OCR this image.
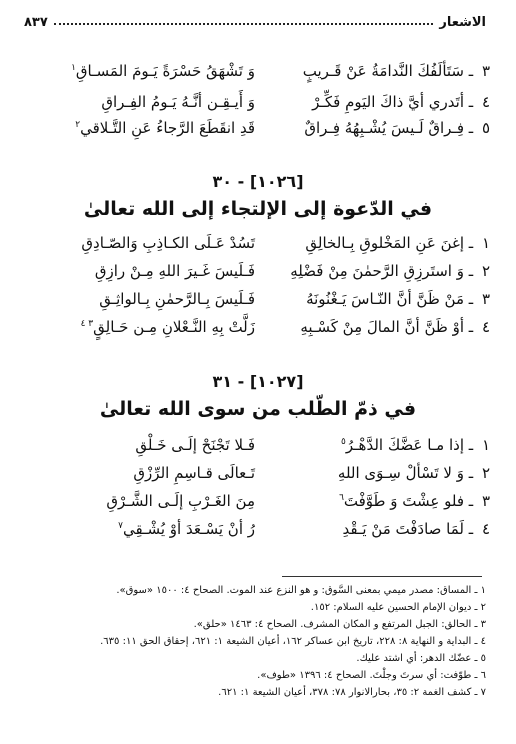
الاشعار
٨٣٧
٣ ـ سَتَألَفُكَ النَّدامَةُ عَنْ قَـريبٍ
وَ تَشْهَقُ حَسْرَةً يَـومَ المَسـاقِ$^١$
٤ ـ أتَدري أيَّ ذاكَ اليَومِ فَكِّـرْ
وَ أَيـقِـن أنَّـهُ يَـومُ الفِـراقِ
٥ ـ فِـراقٌ لَـيسَ يُشْـبِهُهُ فِـراقٌ
قَدِ انقَطَعَ الرَّجاءُ عَنِ التَّـلاقي$^٢$
[١٠٢٦] - ٣٠
في الدّعوة إلى الإلتجاء إلى الله تعالىٰ
١ ـ إغنَ عَنِ المَخْلوقِ بِـالخالِقِ
تَسُدْ عَـلَى الكـاذِبِ وَالصّـادِقِ
٢ ـ وَ استَرزِقِ الرَّحمٰنَ مِنْ فَضْلِهِ
فَـلَيسَ غَـيرَ اللهِ مِـنْ رازِقِ
٣ ـ مَنْ ظَنَّ أنَّ النّـاسَ يَـغْنُونَهُ
فَـلَيسَ بِـالرَّحمٰنِ بِـالواثِـقِ
٤ ـ أوْ ظَنَّ أنَّ المالَ مِنْ كَسْـبِهِ
زَلَّتْ بِهِ النَّـعْلانِ مِـن حَـالِقٍ$^{٣ ٤}$
[١٠٢٧] - ٣١
في ذمّ الطّلب من سوى الله تعالىٰ
١ ـ إذا مـا عَضَّكَ الدَّهْـرُ$^٥$
فَـلا تَجْنَحْ إلَـى خَـلْقِ
٢ ـ وَ لا تَسْألْ سِـوَى اللهِ
تَـعالَى قـاسِمِ الرِّزْقِ
٣ ـ فلو عِشْتَ وَ طَوَّفْتَ$^٦$
مِنَ الغَـرْبِ إلَـى الشَّـرْقِ
٤ ـ لَمَا صادَفْتَ مَنْ يَـقْدِ
رُ أنْ يَسْـعَدَ أوْ يُشْـقِي$^٧$
١ ـ المساق: مصدر ميمي بمعنى السَّوق: و هو النزع عند الموت. الصحاح ٤: ١٥٠٠ «سوق».
٢ ـ ديوان الإمام الحسين عليه السلام: ١٥٢.
٣ ـ الحالق: الجبل المرتفع و المكان المشرف. الصحاح ٤: ١٤٦٣ «حلق».
٤ ـ البداية و النهاية ٨: ٢٢٨، تاريخ ابن عساكر ١٦٢، أعيان الشيعة ١: ٦٢١، إحقاق الحق ١١: ٦٣٥.
٥ ـ عضّك الدهر: أي اشتد عليك.
٦ ـ طوّفت: أي سرتَ وجلْتَ. الصحاح ٤: ١٣٩٦ «طوف».
٧ ـ كشف الغمة ٢: ٣٥، بحارالانوار ٧٨: ٣٧٨، أعيان الشيعة ١: ٦٢١.
